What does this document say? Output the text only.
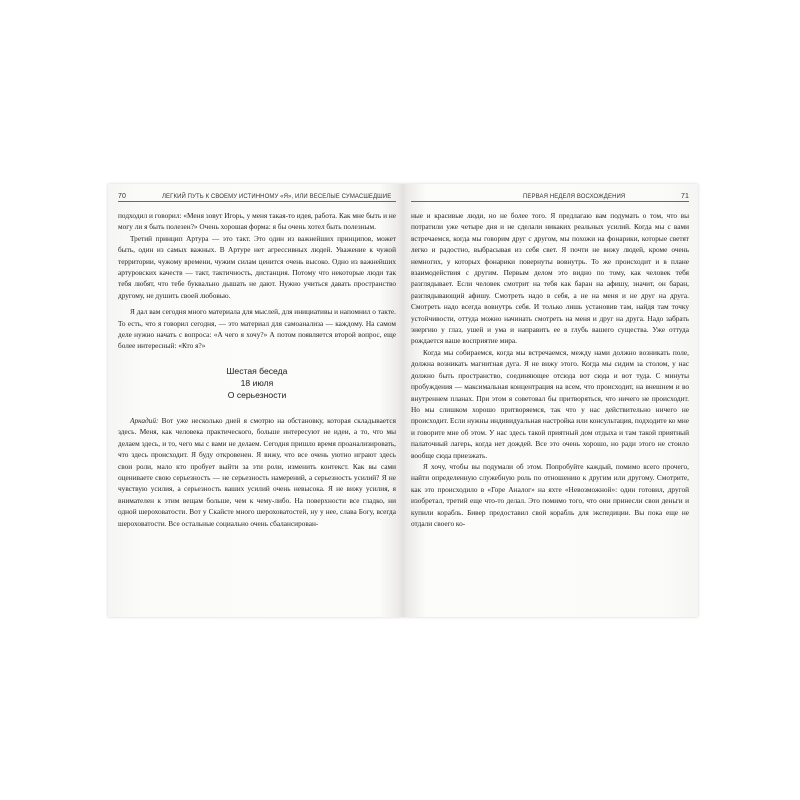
70	ЛЕГКИЙ ПУТЬ К СВОЕМУ ИСТИННОМУ «Я», ИЛИ ВЕСЕЛЫЕ СУМАСШЕДШИЕ

подходил и говорил: «Меня зовут Игорь, у меня такая-то идея, работа. Как мне быть и не могу ли я быть полезен?» Очень хорошая форма: я бы очень хотел быть полезным.

Третий принцип Артура — это такт. Это один из важнейших принципов, может быть, один из самых важных. В Артуре нет агрессивных людей. Уважение к чужой территории, чужому времени, чужим силам ценится очень высоко. Одно из важнейших артуровских качеств — такт, тактичность, дистанция. Потому что некоторые люди так тебя любят, что тебе буквально дышать не дают. Нужно учиться давать пространство другому, не душить своей любовью.

Я дал вам сегодня много материала для мыслей, для инициативы и напомнил о такте. То есть, что я говорил сегодня, — это материал для самоанализа — каждому. На самом деле нужно начать с вопроса: «А чего я хочу?» А потом появляется второй вопрос, еще более интересный: «Кто я?»

Шестая беседа
18 июля
О серьезности

Аркадий: Вот уже несколько дней я смотрю на обстановку, которая складывается здесь. Меня, как человека практического, больше интересуют не идеи, а то, что мы делаем здесь, и то, чего мы с вами не делаем. Сегодня пришло время проанализировать, что здесь происходит. Я буду откровенен. Я вижу, что все очень уютно играют здесь свои роли, мало кто пробует выйти за эти роли, изменить контекст. Как вы сами оцениваете свою серьезность — не серьезность намерений, а серьезность усилий? Я не чувствую усилия, а серьезность ваших усилий очень невысока. Я не вижу усилия, я внимателен к этим вещам больше, чем к чему-либо. На поверхности все гладко, ни одной шероховатости. Вот у Скайсте много шероховатостей, ну у нее, слава Богу, всегда шероховатости. Все остальные социально очень сбалансирован-

ПЕРВАЯ НЕДЕЛЯ ВОСХОЖДЕНИЯ	71

ные и красивые люди, но не более того. Я предлагаю вам подумать о том, что вы потратили уже четыре дня и не сделали никаких реальных усилий. Когда мы с вами встречаемся, когда мы говорим друг с другом, мы похожи на фонарики, которые светят легко и радостно, выбрасывая из себя свет. Я почти не вижу людей, кроме очень немногих, у которых фонарики повернуты вовнутрь. То же происходит и в плане взаимодействия с другим. Первым делом это видно по тому, как человек тебя разглядывает. Если человек смотрит на тебя как баран на афишу, значит, он баран, разглядывающий афишу. Смотреть надо в себя, а не на меня и не друг на друга. Смотреть надо всегда вовнутрь себя. И только лишь установив там, найдя там точку устойчивости, оттуда можно начинать смотреть на меня и друг на друга. Надо забрать энергию у глаз, ушей и ума и направить ее в глубь вашего существа. Уже оттуда рождается ваше восприятие мира.

Когда мы собираемся, когда мы встречаемся, между нами должно возникать поле, должна возникать магнитная дуга. Я не вижу этого. Когда мы сидим за столом, у нас должно быть пространство, соединяющее отсюда вот сюда и вот туда. С минуты пробуждения — максимальная концентрация на всем, что происходит, на внешнем и во внутреннем планах. При этом я советовал бы притворяться, что ничего не происходит. Но мы слишком хорошо притворяемся, так что у нас действительно ничего не происходит. Если нужны индивидуальная настройка или консультация, подходите ко мне и говорите мне об этом. У нас здесь такой приятный дом отдыха и там такой приятный палаточный лагерь, когда нет дождей. Все это очень хорошо, но ради этого не стоило вообще сюда приезжать.

Я хочу, чтобы вы подумали об этом. Попробуйте каждый, помимо всего прочего, найти определенную служебную роль по отношению к другим или другому. Смотрите, как это происходило в «Горе Аналог» на яхте «Невозможной»: один готовил, другой изобретал, третий еще что-то делал. Это помимо того, что они принесли свои деньги и купили корабль. Бивер предоставил свой корабль для экспедиции. Вы пока еще не отдали своего ко-
